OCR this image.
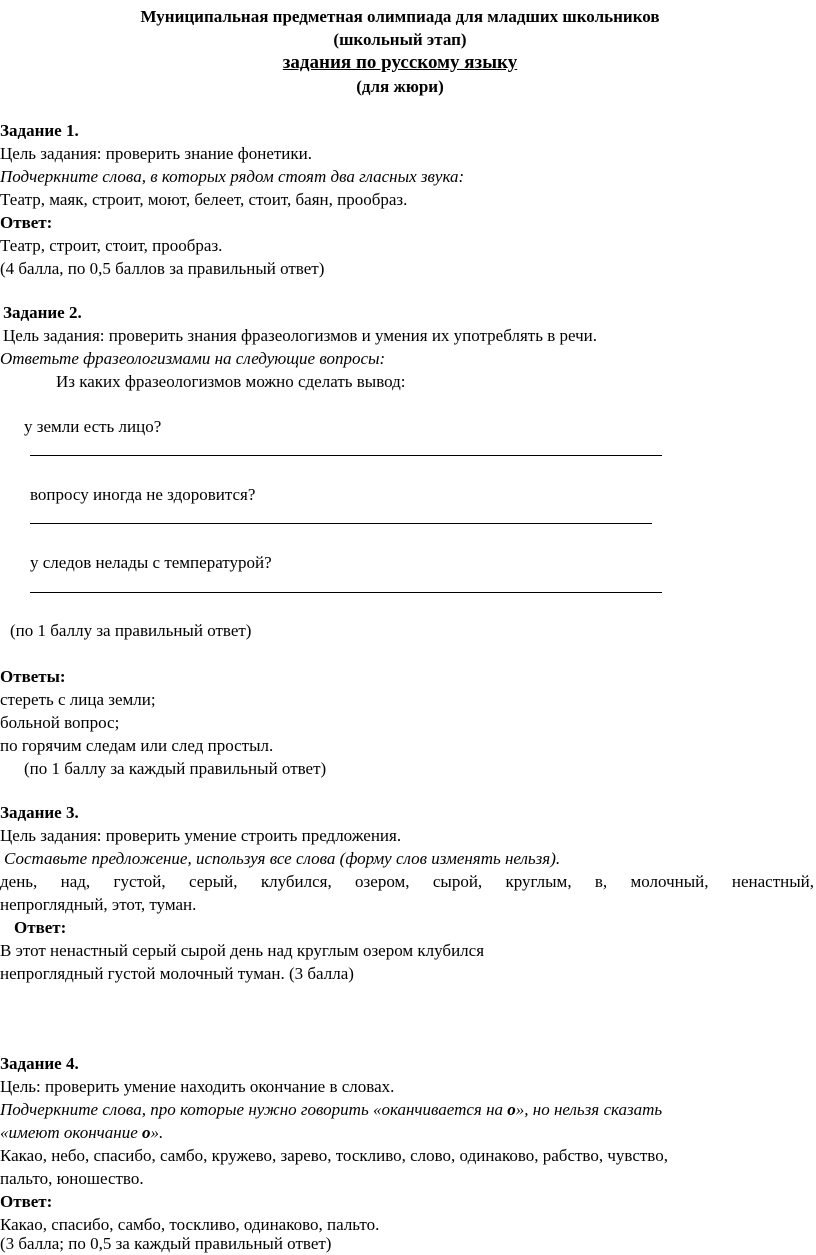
Муниципальная предметная олимпиада для младших школьников

(школьный этап)

задания по русскому языку

(для жюри)

Задание 1.

Цель задания: проверить знание фонетики.

Подчеркните слова, в которых рядом стоят два гласных звука:

Театр, маяк, строит, моют, белеет, стоит, баян, прообраз.

Ответ:

Театр, строит, стоит, прообраз.

(4 балла, по 0,5 баллов за правильный ответ)

Задание 2.

Цель задания: проверить знания фразеологизмов и умения их употреблять в речи.

Ответьте фразеологизмами на следующие вопросы:

Из каких фразеологизмов можно сделать вывод:

у земли есть лицо?

вопросу иногда не здоровится?

у следов нелады с температурой?

(по 1 баллу за правильный ответ)

Ответы:

стереть с лица земли;

больной вопрос;

по горячим следам или след простыл.

(по 1 баллу за каждый правильный ответ)

Задание 3.

Цель задания: проверить умение строить предложения.

Составьте предложение, используя все слова (форму слов изменять нельзя).

день, над, густой, серый, клубился, озером, сырой, круглым, в, молочный, ненастный,

непроглядный, этот, туман.

Ответ:

В этот ненастный серый сырой день над круглым озером клубился

непроглядный густой молочный туман. (3 балла)

Задание 4.

Цель: проверить умение находить окончание в словах.

Подчеркните слова, про которые нужно говорить «оканчивается на о», но нельзя сказать

«имеют окончание о».

Какао, небо, спасибо, самбо, кружево, зарево, тоскливо, слово, одинаково, рабство, чувство,

пальто, юношество.

Ответ:

Какао, спасибо, самбо, тоскливо, одинаково, пальто.

(3 балла; по 0,5 за каждый правильный ответ)
